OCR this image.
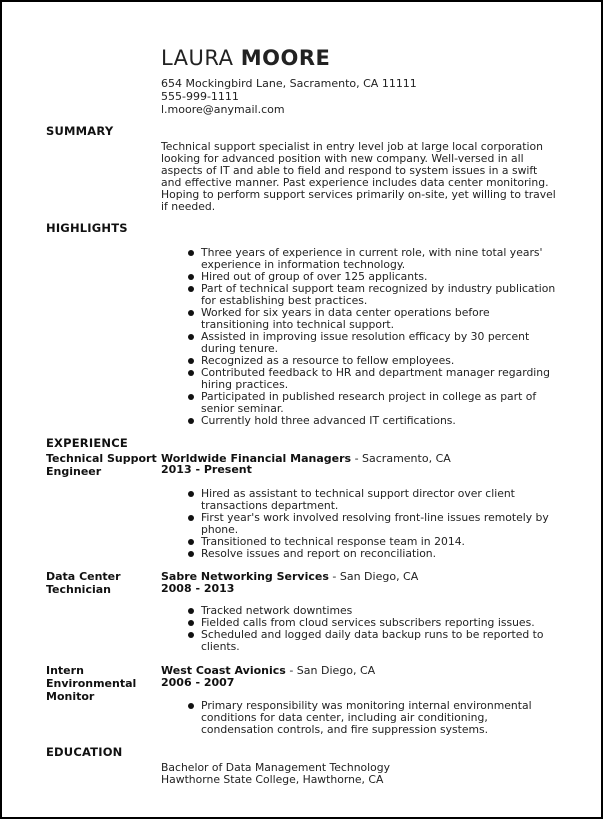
LAURA MOORE
654 Mockingbird Lane, Sacramento, CA 11111
555-999-1111
l.moore@anymail.com
SUMMARY
Technical support specialist in entry level job at large local corporation looking for advanced position with new company. Well-versed in all aspects of IT and able to field and respond to system issues in a swift and effective manner. Past experience includes data center monitoring. Hoping to perform support services primarily on-site, yet willing to travel if needed.
HIGHLIGHTS
Three years of experience in current role, with nine total years' experience in information technology.
Hired out of group of over 125 applicants.
Part of technical support team recognized by industry publication for establishing best practices.
Worked for six years in data center operations before transitioning into technical support.
Assisted in improving issue resolution efficacy by 30 percent during tenure.
Recognized as a resource to fellow employees.
Contributed feedback to HR and department manager regarding hiring practices.
Participated in published research project in college as part of senior seminar.
Currently hold three advanced IT certifications.
EXPERIENCE
Technical Support Engineer
Worldwide Financial Managers - Sacramento, CA
2013 - Present
Hired as assistant to technical support director over client transactions department.
First year's work involved resolving front-line issues remotely by phone.
Transitioned to technical response team in 2014.
Resolve issues and report on reconciliation.
Data Center Technician
Sabre Networking Services - San Diego, CA
2008 - 2013
Tracked network downtimes
Fielded calls from cloud services subscribers reporting issues.
Scheduled and logged daily data backup runs to be reported to clients.
Intern Environmental Monitor
West Coast Avionics - San Diego, CA
2006 - 2007
Primary responsibility was monitoring internal environmental conditions for data center, including air conditioning, condensation controls, and fire suppression systems.
EDUCATION
Bachelor of Data Management Technology
Hawthorne State College, Hawthorne, CA
